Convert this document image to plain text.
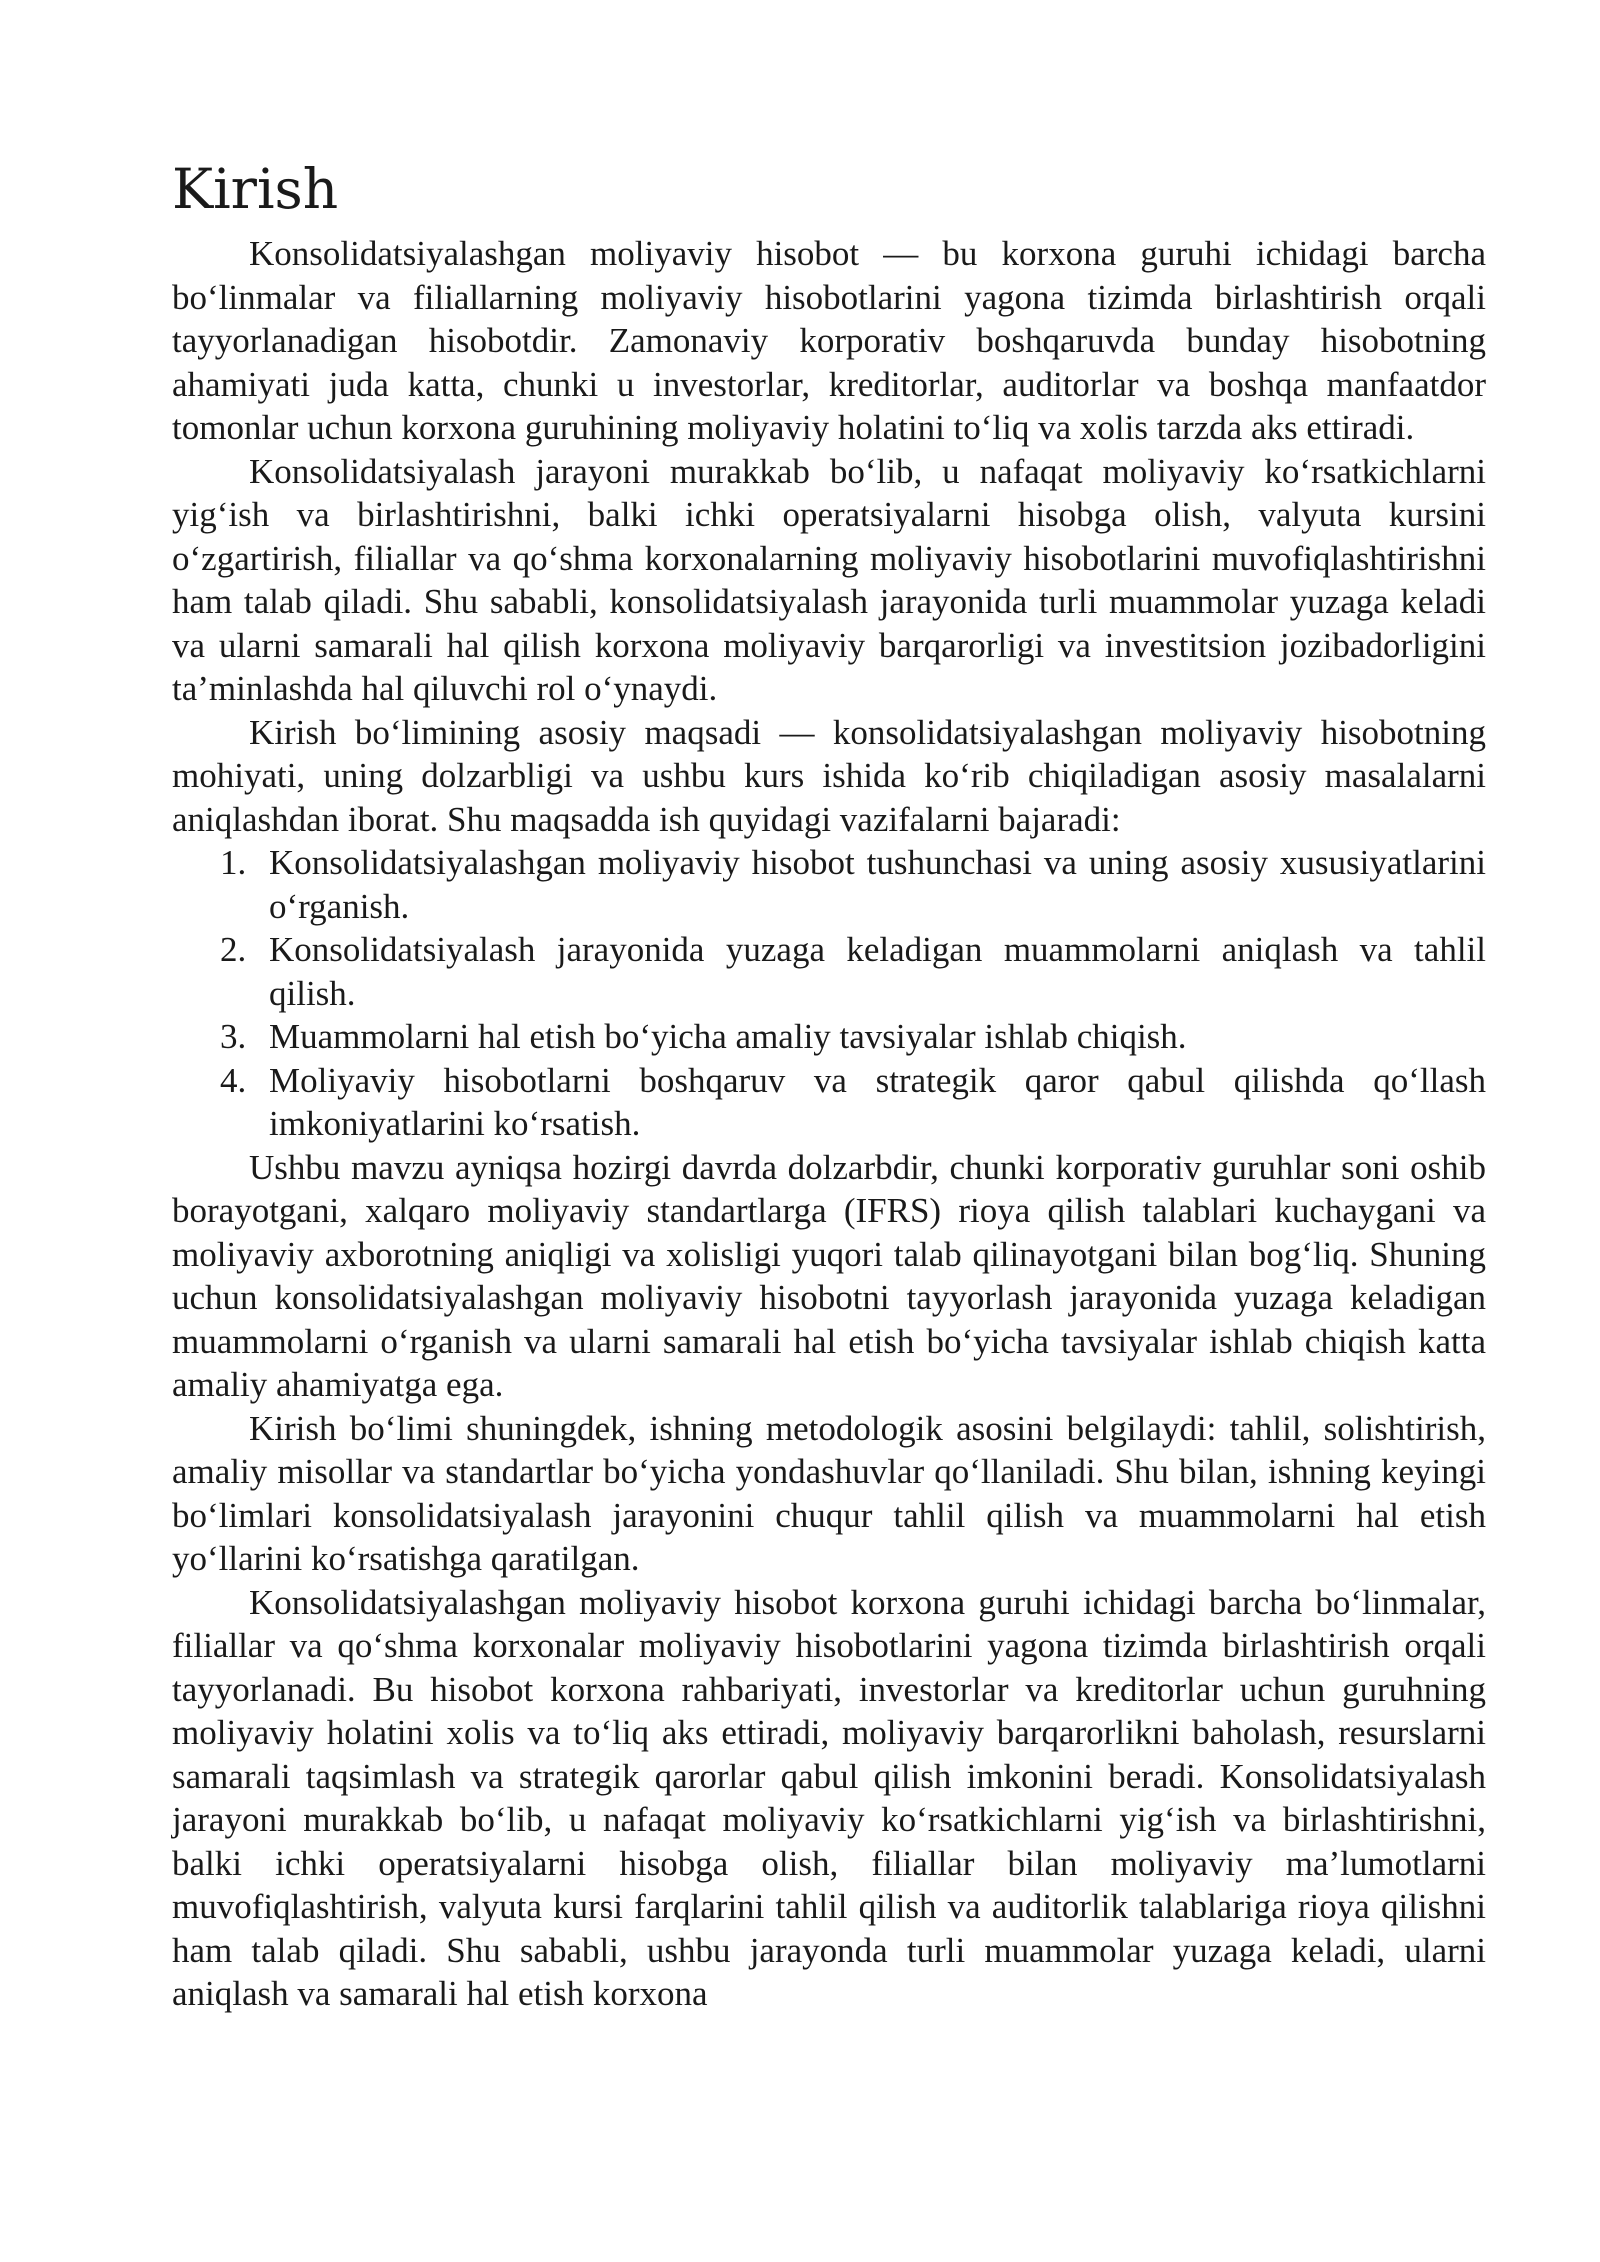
Kirish

Konsolidatsiyalashgan moliyaviy hisobot — bu korxona guruhi ichidagi barcha bo‘linmalar va filiallarning moliyaviy hisobotlarini yagona tizimda birlashtirish orqali tayyorlanadigan hisobotdir. Zamonaviy korporativ boshqaruvda bunday hisobotning ahamiyati juda katta, chunki u investorlar, kreditorlar, auditorlar va boshqa manfaatdor tomonlar uchun korxona guruhining moliyaviy holatini to‘liq va xolis tarzda aks ettiradi.

Konsolidatsiyalash jarayoni murakkab bo‘lib, u nafaqat moliyaviy ko‘rsatkichlarni yig‘ish va birlashtirishni, balki ichki operatsiyalarni hisobga olish, valyuta kursini o‘zgartirish, filiallar va qo‘shma korxonalarning moliyaviy hisobotlarini muvofiqlashtirishni ham talab qiladi. Shu sababli, konsolidatsiyalash jarayonida turli muammolar yuzaga keladi va ularni samarali hal qilish korxona moliyaviy barqarorligi va investitsion jozibadorligini ta’minlashda hal qiluvchi rol o‘ynaydi.

Kirish bo‘limining asosiy maqsadi — konsolidatsiyalashgan moliyaviy hisobotning mohiyati, uning dolzarbligi va ushbu kurs ishida ko‘rib chiqiladigan asosiy masalalarni aniqlashdan iborat. Shu maqsadda ish quyidagi vazifalarni bajaradi:

1. Konsolidatsiyalashgan moliyaviy hisobot tushunchasi va uning asosiy xususiyatlarini o‘rganish.
2. Konsolidatsiyalash jarayonida yuzaga keladigan muammolarni aniqlash va tahlil qilish.
3. Muammolarni hal etish bo‘yicha amaliy tavsiyalar ishlab chiqish.
4. Moliyaviy hisobotlarni boshqaruv va strategik qaror qabul qilishda qo‘llash imkoniyatlarini ko‘rsatish.

Ushbu mavzu ayniqsa hozirgi davrda dolzarbdir, chunki korporativ guruhlar soni oshib borayotgani, xalqaro moliyaviy standartlarga (IFRS) rioya qilish talablari kuchaygani va moliyaviy axborotning aniqligi va xolisligi yuqori talab qilinayotgani bilan bog‘liq. Shuning uchun konsolidatsiyalashgan moliyaviy hisobotni tayyorlash jarayonida yuzaga keladigan muammolarni o‘rganish va ularni samarali hal etish bo‘yicha tavsiyalar ishlab chiqish katta amaliy ahamiyatga ega.

Kirish bo‘limi shuningdek, ishning metodologik asosini belgilaydi: tahlil, solishtirish, amaliy misollar va standartlar bo‘yicha yondashuvlar qo‘llaniladi. Shu bilan, ishning keyingi bo‘limlari konsolidatsiyalash jarayonini chuqur tahlil qilish va muammolarni hal etish yo‘llarini ko‘rsatishga qaratilgan.

Konsolidatsiyalashgan moliyaviy hisobot korxona guruhi ichidagi barcha bo‘linmalar, filiallar va qo‘shma korxonalar moliyaviy hisobotlarini yagona tizimda birlashtirish orqali tayyorlanadi. Bu hisobot korxona rahbariyati, investorlar va kreditorlar uchun guruhning moliyaviy holatini xolis va to‘liq aks ettiradi, moliyaviy barqarorlikni baholash, resurslarni samarali taqsimlash va strategik qarorlar qabul qilish imkonini beradi. Konsolidatsiyalash jarayoni murakkab bo‘lib, u nafaqat moliyaviy ko‘rsatkichlarni yig‘ish va birlashtirishni, balki ichki operatsiyalarni hisobga olish, filiallar bilan moliyaviy ma’lumotlarni muvofiqlashtirish, valyuta kursi farqlarini tahlil qilish va auditorlik talablariga rioya qilishni ham talab qiladi. Shu sababli, ushbu jarayonda turli muammolar yuzaga keladi, ularni aniqlash va samarali hal etish korxona
